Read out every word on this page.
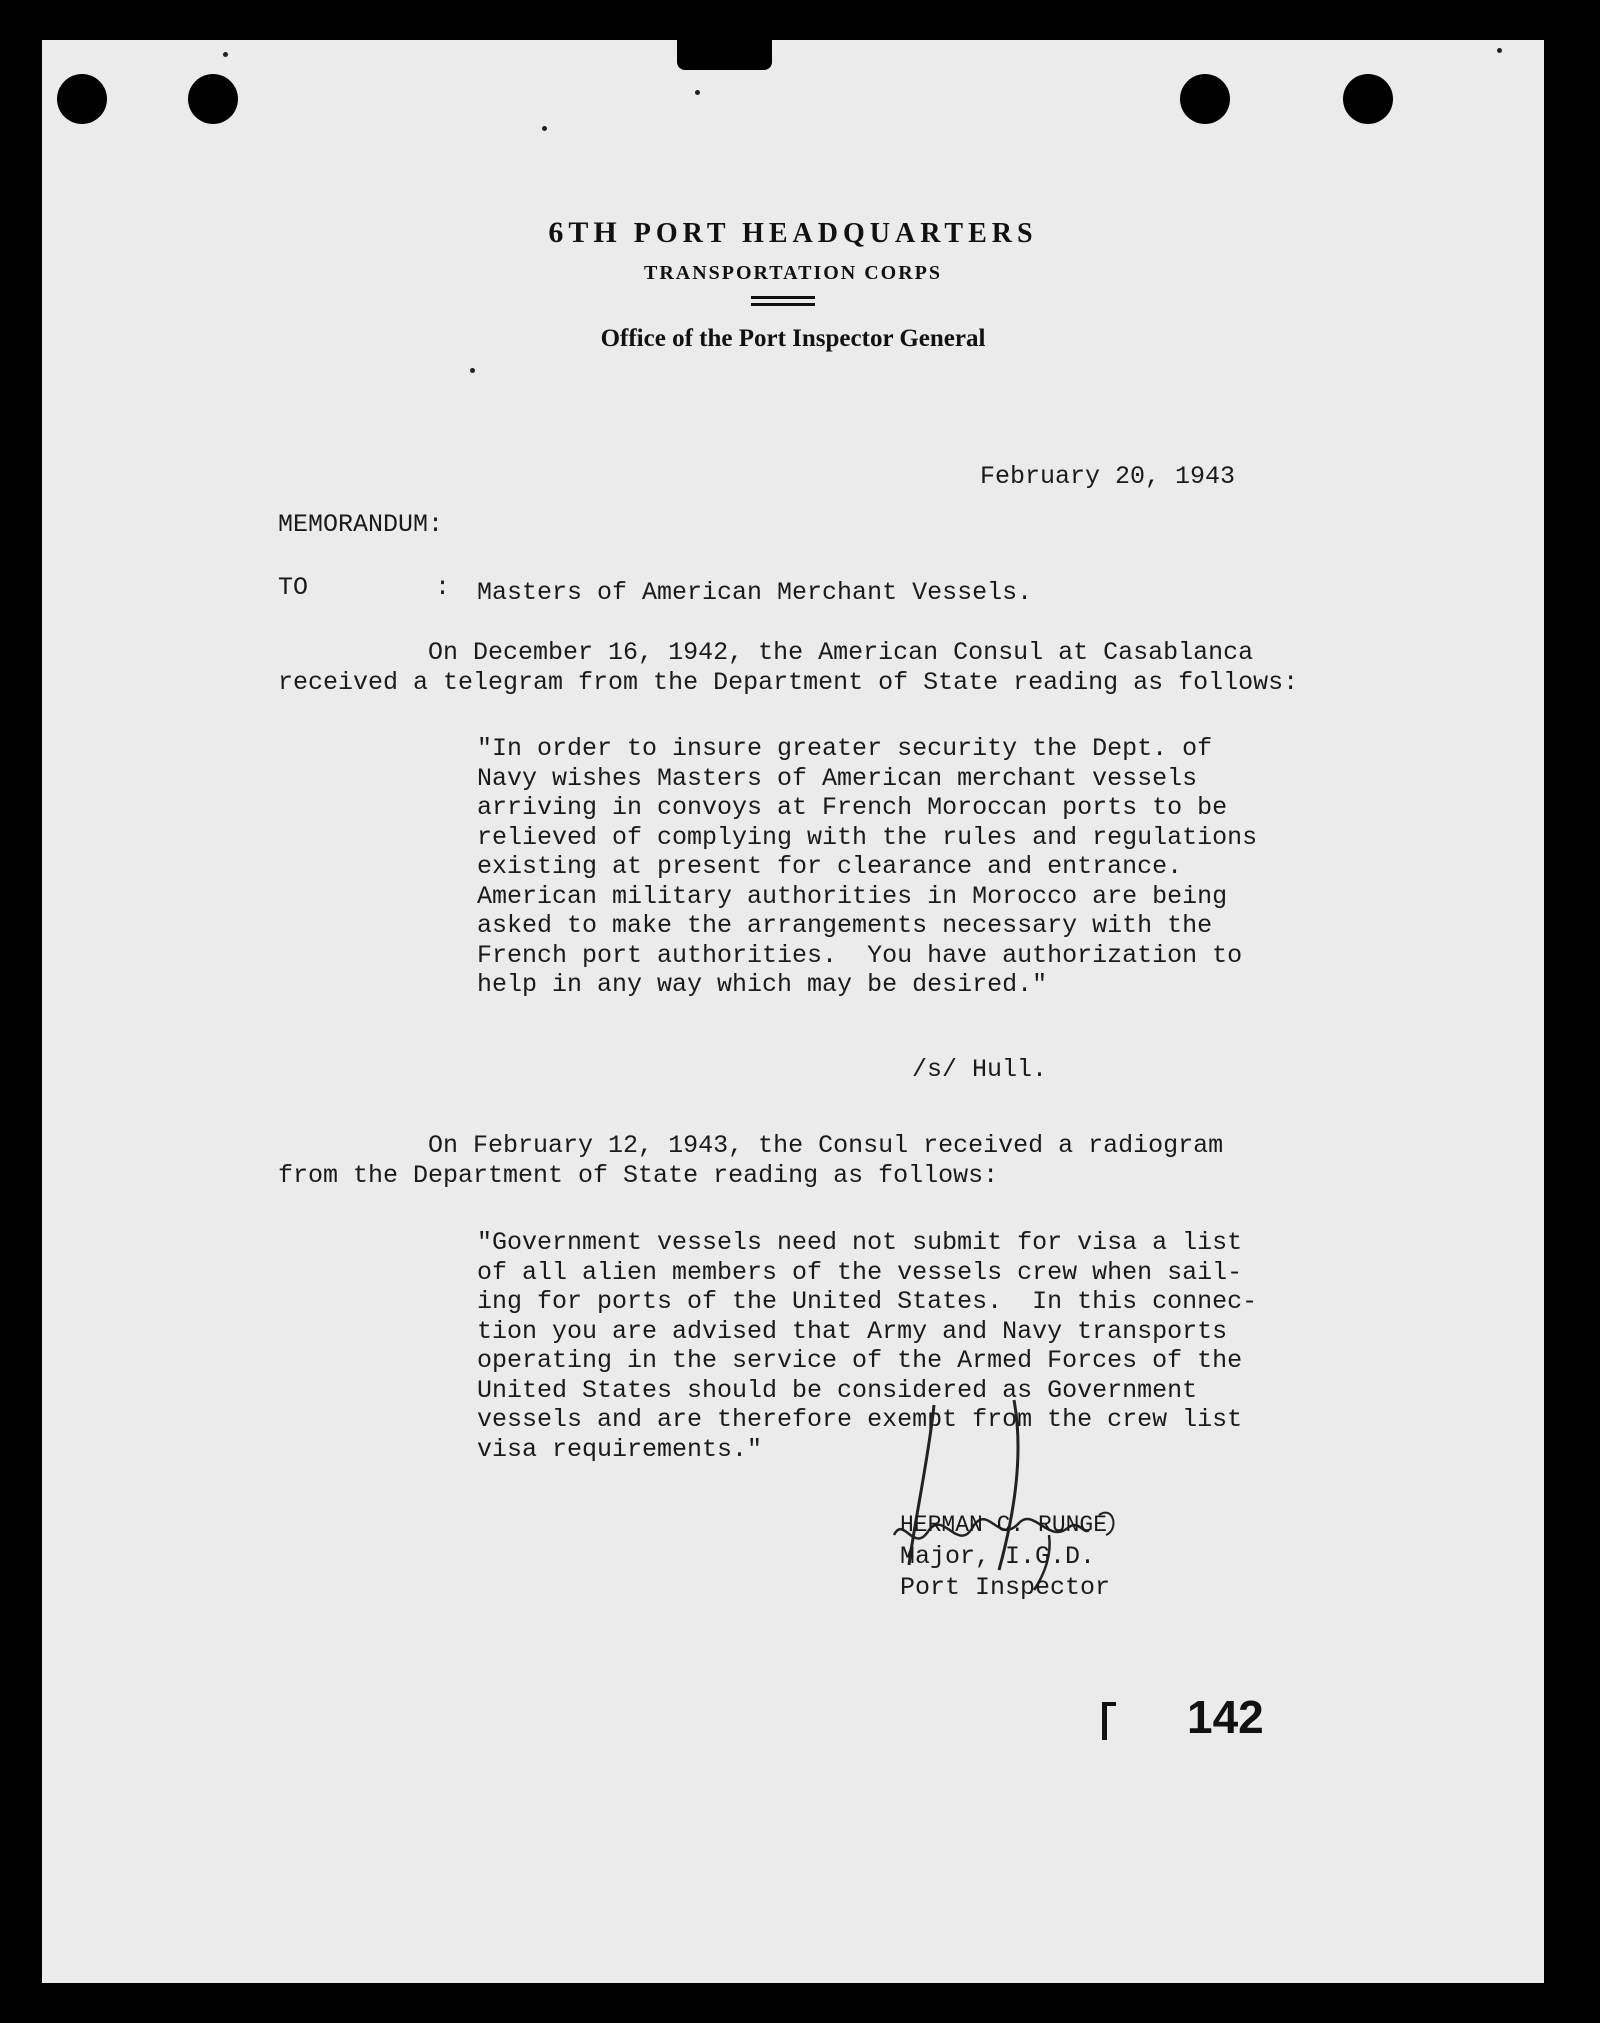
6TH PORT HEADQUARTERS
TRANSPORTATION CORPS
Office of the Port Inspector General
February 20, 1943
MEMORANDUM:
TO	: Masters of American Merchant Vessels.

On December 16, 1942, the American Consul at Casablanca
received a telegram from the Department of State reading as follows:

"In order to insure greater security the Dept. of
Navy wishes Masters of American merchant vessels
arriving in convoys at French Moroccan ports to be
relieved of complying with the rules and regulations
existing at present for clearance and entrance.
American military authorities in Morocco are being
asked to make the arrangements necessary with the
French port authorities.  You have authorization to
help in any way which may be desired."

/s/ Hull.

On February 12, 1943, the Consul received a radiogram
from the Department of State reading as follows:

"Government vessels need not submit for visa a list
of all alien members of the vessels crew when sail-
ing for ports of the United States.  In this connec-
tion you are advised that Army and Navy transports
operating in the service of the Armed Forces of the
United States should be considered as Government
vessels and are therefore exempt from the crew list
visa requirements."

HERMAN C. RUNGE
Major, I.G.D.
Port Inspector
142
